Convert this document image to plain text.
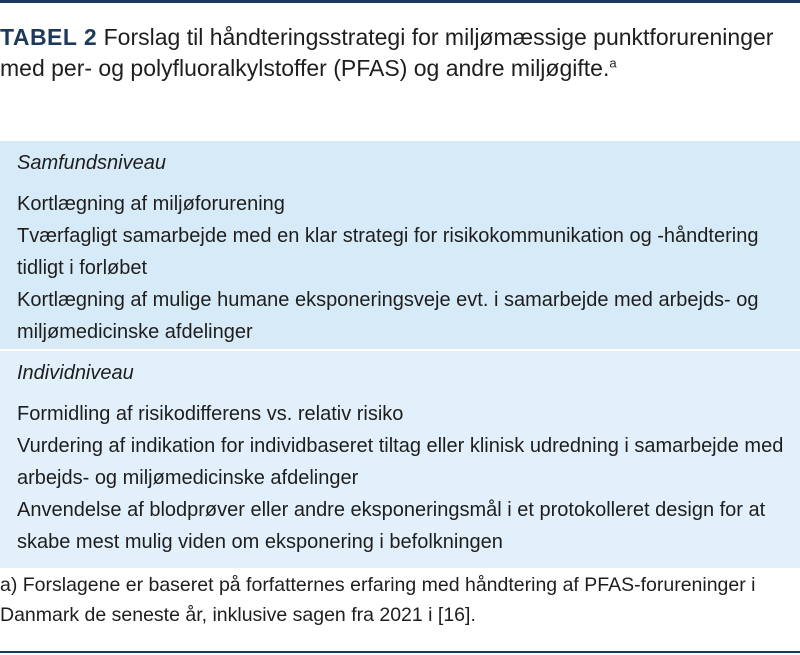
TABEL 2 Forslag til håndteringsstrategi for miljømæssige punktforureninger med per- og polyfluoralkylstoffer (PFAS) og andre miljøgifte.$^a$
Samfundsniveau
Kortlægning af miljøforurening
Tværfagligt samarbejde med en klar strategi for risikokommunikation og -håndtering tidligt i forløbet
Kortlægning af mulige humane eksponeringsveje evt. i samarbejde med arbejds- og miljømedicinske afdelinger
Individniveau
Formidling af risikodifferens vs. relativ risiko
Vurdering af indikation for individbaseret tiltag eller klinisk udredning i samarbejde med arbejds- og miljømedicinske afdelinger
Anvendelse af blodprøver eller andre eksponeringsmål i et protokolleret design for at skabe mest mulig viden om eksponering i befolkningen
a) Forslagene er baseret på forfatternes erfaring med håndtering af PFAS-forureninger i Danmark de seneste år, inklusive sagen fra 2021 i [16].
